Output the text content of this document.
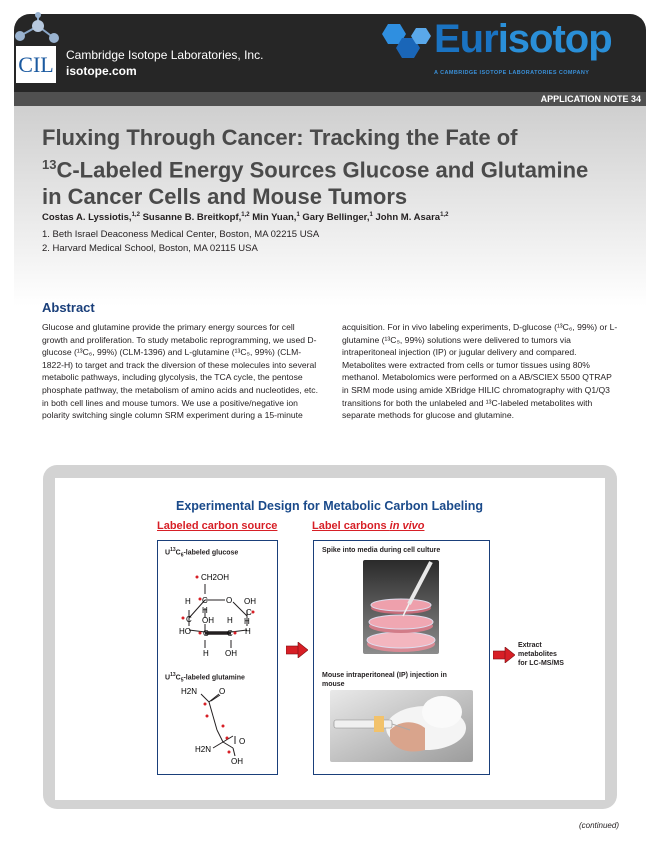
CIL Cambridge Isotope Laboratories, Inc.
isotope.com
Eurisotop
A CAMBRIDGE ISOTOPE LABORATORIES COMPANY
APPLICATION NOTE 34
Fluxing Through Cancer: Tracking the Fate of
$^{13}$C-Labeled Energy Sources Glucose and Glutamine
in Cancer Cells and Mouse Tumors
Costas A. Lyssiotis,$^{1,2}$ Susanne B. Breitkopf,$^{1,2}$ Min Yuan,$^1$ Gary Bellinger,$^1$ John M. Asara$^{1,2}$
1. Beth Israel Deaconess Medical Center, Boston, MA 02215 USA
2. Harvard Medical School, Boston, MA 02115 USA
Abstract
Glucose and glutamine provide the primary energy sources for cell growth and proliferation. To study metabolic reprogramming, we used D-glucose (¹³C₆, 99%) (CLM-1396) and L-glutamine (¹³C₅, 99%) (CLM-1822-H) to target and track the diversion of these molecules into several metabolic pathways, including glycolysis, the TCA cycle, the pentose phosphate pathway, the metabolism of amino acids and nucleotides, etc. in both cell lines and mouse tumors. We use a positive/negative ion polarity switching single column SRM experiment during a 15-minute
acquisition. For in vivo labeling experiments, D-glucose (¹³C₆, 99%) or L-glutamine (¹³C₅, 99%) solutions were delivered to tumors via intraperitoneal injection (IP) or jugular delivery and compared. Metabolites were extracted from cells or tumor tissues using 80% methanol. Metabolomics were performed on a AB/SCIEX 5500 QTRAP in SRM mode using amide XBridge HILIC chromatography with Q1/Q3 transitions for both the unlabeled and ¹³C-labeled metabolites with separate methods for glucose and glutamine.
Experimental Design for Metabolic Carbon Labeling
Labeled carbon source	Label carbons in vivo
$U^{13}C_6$-labeled glucose
CH2OH
C O
H
H
H
OH
C
C
OH H
HO C C
H
H
OH
$U^{13}C_5$-labeled glutamine
H2N	O
H2N
O
OH
Spike into media during cell culture
Mouse intraperitoneal (IP) injection in mouse
Extract
metabolites
for LC-MS/MS
(continued)
